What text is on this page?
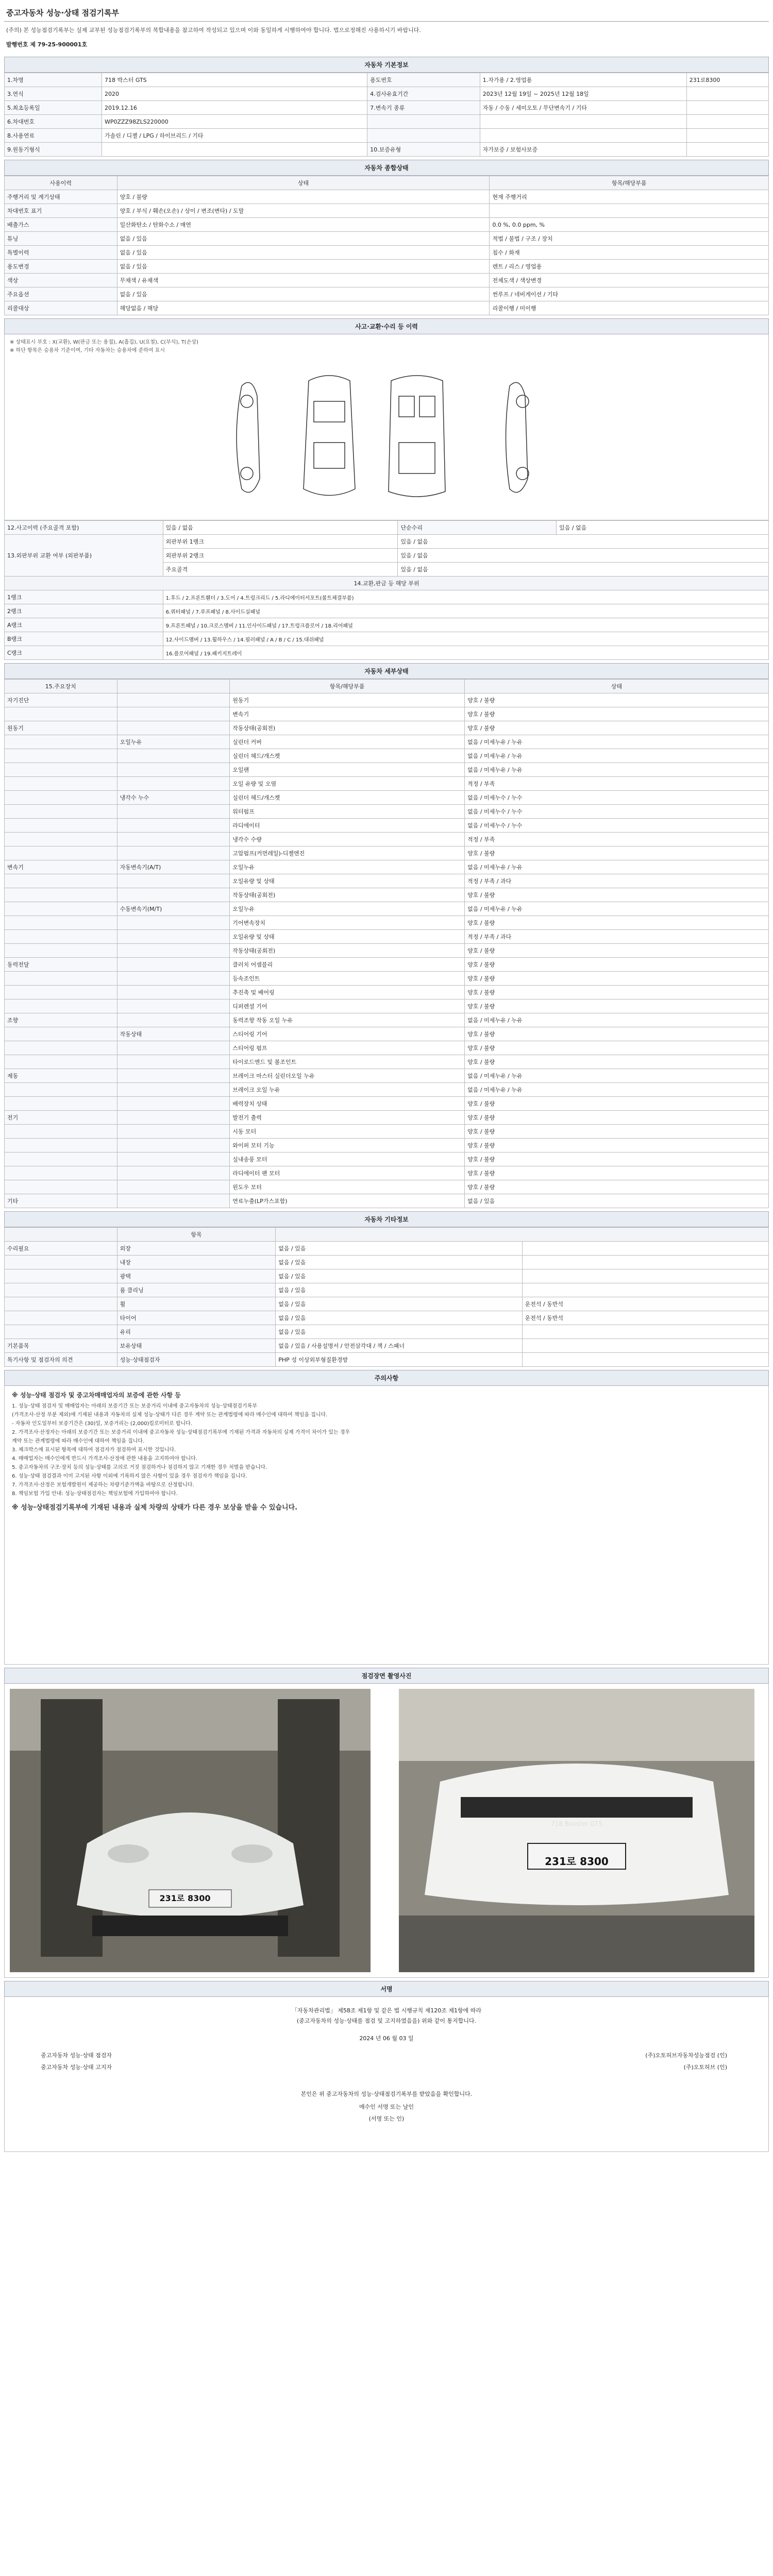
중고자동차 성능·상태 점검기록부
(주의) 본 성능점검기록부는 실제 교부된 성능점검기록부의 복합내용을 참고하여 작성되고 있으며 이와 동일하게 시행하여야 합니다. 법으로정해진 사용하시기 바랍니다.
발행번호 제 79-25-900001호
자동차 기본정보
1.차명	718 박스터 GTS	용도번호	1.자가용 / 2.영업용	231로8300
3.연식	2020	4.검사유효기간	2023년 12월 19일 ~ 2025년 12월 18일	
5.최초등록일	2019.12.16	7.변속기 종류	자동 / 수동 / 세미오토 / 무단변속기 / 기타	
6.차대번호	WP0ZZZ98ZLS220000			
8.사용연료	가솔린 / 디젤 / LPG / 하이브리드 / 기타			
9.원동기형식		10.보증유형	자가보증 / 보험사보증	
자동차 종합상태
사용이력	상태	항목/해당부품
주행거리 및 계기상태	양호 / 불량	현재 주행거리
차대번호 표기	양호 / 부식 / 훼손(오손) / 상이 / 변조(변타) / 도말	
배출가스	일산화탄소 / 탄화수소 / 매연	0.0 %, 0.0 ppm, %
튜닝	없음 / 있음	적법 / 불법 / 구조 / 장치
특별이력	없음 / 있음	침수 / 화재
용도변경	없음 / 있음	렌트 / 리스 / 영업용
색상	무채색 / 유채색	전체도색 / 색상변경
주요옵션	없음 / 있음	썬루프 / 네비게이션 / 기타
리콜대상	해당없음 / 해당	리콜이행 / 미이행
사고·교환·수리 등 이력
※ 상태표시 부호 : X(교환), W(판금 또는 용접), A(흠집), U(요철), C(부식), T(손상)
※ 하단 항목은 승용차 기준이며, 기타 자동차는 승용차에 준하여 표시
12.사고이력 (주요골격 포함)	있음 / 없음	단순수리	있음 / 없음
13.외판부위 교환 여부 (외판부품)	외판부위 1랭크	있음 / 없음	
	외판부위 2랭크	있음 / 없음	
	주요골격	있음 / 없음	
14.교환,판금 등 해당 부위			
1랭크	1.후드 / 2.프론트휀더 / 3.도어 / 4.트렁크리드 / 5.라디에이터서포트(볼트체결부품)		
2랭크	6.쿼터패널 / 7.루프패널 / 8.사이드실패널		
A랭크	9.프론트패널 / 10.크로스멤버 / 11.인사이드패널 / 17.트렁크플로어 / 18.리어패널		
B랭크	12.사이드멤버 / 13.휠하우스 / 14.필러패널 / A / B / C / 15.대쉬패널		
C랭크	16.플로어패널 / 19.패키지트레이		
자동차 세부상태
15.주요장치		항목/해당부품	상태
자기진단		원동기	양호 / 불량
		변속기	양호 / 불량
원동기		작동상태(공회전)	양호 / 불량
	오일누유	실린더 커버	없음 / 미세누유 / 누유
		실린더 헤드/개스켓	없음 / 미세누유 / 누유
		오일팬	없음 / 미세누유 / 누유
		오일 유량 및 오염	적정 / 부족
	냉각수 누수	실린더 헤드/개스켓	없음 / 미세누수 / 누수
		워터펌프	없음 / 미세누수 / 누수
		라디에이터	없음 / 미세누수 / 누수
		냉각수 수량	적정 / 부족
		고압펌프(커먼레일)-디젤엔진	양호 / 불량
변속기	자동변속기(A/T)	오일누유	없음 / 미세누유 / 누유
		오일유량 및 상태	적정 / 부족 / 과다
		작동상태(공회전)	양호 / 불량
	수동변속기(M/T)	오일누유	없음 / 미세누유 / 누유
		기어변속장치	양호 / 불량
		오일유량 및 상태	적정 / 부족 / 과다
		작동상태(공회전)	양호 / 불량
동력전달		클러치 어셈블리	양호 / 불량
		등속조인트	양호 / 불량
		추진축 및 베어링	양호 / 불량
		디퍼렌셜 기어	양호 / 불량
조향		동력조향 작동 오일 누유	없음 / 미세누유 / 누유
	작동상태	스티어링 기어	양호 / 불량
		스티어링 펌프	양호 / 불량
		타이로드엔드 및 볼조인트	양호 / 불량
제동		브레이크 마스터 실린더오일 누유	없음 / 미세누유 / 누유
		브레이크 오일 누유	없음 / 미세누유 / 누유
		배력장치 상태	양호 / 불량
전기		발전기 출력	양호 / 불량
		시동 모터	양호 / 불량
		와이퍼 모터 기능	양호 / 불량
		실내송풍 모터	양호 / 불량
		라디에이터 팬 모터	양호 / 불량
		윈도우 모터	양호 / 불량
기타		연료누출(LP가스포함)	없음 / 있음
자동차 기타정보
	항목		
수리필요	외장	없음 / 있음	
	내장	없음 / 있음	
	광택	없음 / 있음	
	룸 클리닝	없음 / 있음	
	휠	없음 / 있음	운전석 / 동반석
	타이어	없음 / 있음	운전석 / 동반석
	유리	없음 / 있음	
기본품목	보유상태	없음 / 있음 / 사용설명서 / 안전삼각대 / 잭 / 스패너	
특기사항 및 점검자의 의견	성능·상태점검자	PHP 성 이상외부형질환경방	
주의사항
※ 성능·상태 점검자 및 중고차매매업자의 보증에 관한 사항 등
1. 성능·상태 점검자 및 매매업자는 아래의 보증기간 또는 보증거리 이내에 중고자동차의 성능·상태점검기록부
(가격조사·산정 부분 제외)에 기재된 내용과 자동차의 실제 성능·상태가 다른 경우 계약 또는 관계법령에 따라 매수인에 대하여 책임을 집니다.
- 자동차 인도일부터 보증기간은 (30)일, 보증거리는 (2,000)킬로미터로 합니다.
2. 가격조사·산정자는 아래의 보증기간 또는 보증거리 이내에 중고자동차 성능·상태점검기록부에 기재된 가격과 자동차의 실제 가격이 차이가 있는 경우
계약 또는 관계법령에 따라 매수인에 대하여 책임을 집니다.
3. 체크박스에 표시된 항목에 대하여 점검자가 점검하여 표시한 것입니다.
4. 매매업자는 매수인에게 반드시 가격조사·산정에 관한 내용을 고지하여야 합니다.
5. 중고자동차의 구조·장치 등의 성능·상태를 고의로 거짓 점검하거나 점검하지 않고 기재한 경우 처벌을 받습니다.
6. 성능·상태 점검결과 이미 고지된 사항 이외에 기록하지 않은 사항이 있을 경우 점검자가 책임을 집니다.
7. 가격조사·산정은 보험개발원이 제공하는 차량기준가액을 바탕으로 산정합니다.
8. 책임보험 가입 안내: 성능·상태점검자는 책임보험에 가입하여야 합니다.
※ 성능·상태점검기록부에 기재된 내용과 실제 차량의 상태가 다른 경우 보상을 받을 수 있습니다.
점검장면 촬영사진
231로 8300
231로 8300
718 Boxster GTS
서명
「자동차관리법」 제58조 제1항 및 같은 법 시행규칙 제120조 제1항에 따라
(중고자동차의 성능·상태를 점검 및 고지하였음을) 위와 같이 통지합니다.
2024 년 06 월 03 일
중고자동차 성능·상태 점검자	(주)오토허브자동차성능점검 (인)
중고자동차 성능·상태 고지자	(주)오토허브 (인)
본인은 위 중고자동차의 성능·상태점검기록부를 받았음을 확인합니다.
매수인 서명 또는 날인
(서명 또는 인)
